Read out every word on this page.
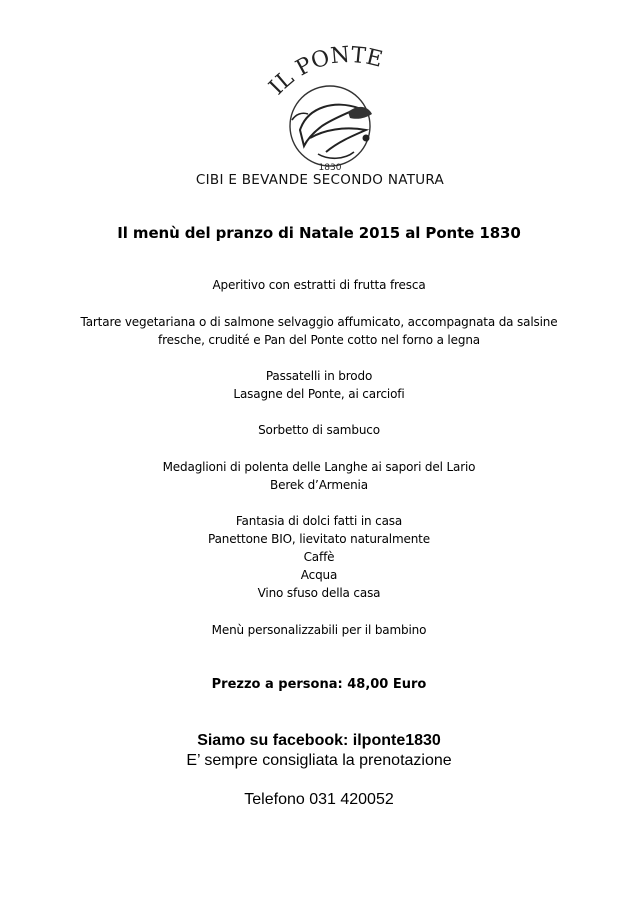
IL PONTE
1830
CIBI E BEVANDE SECONDO NATURA
Il menù del pranzo di Natale 2015 al Ponte 1830
Aperitivo con estratti di frutta fresca
Tartare vegetariana o di salmone selvaggio affumicato, accompagnata da salsine
fresche, crudité e Pan del Ponte cotto nel forno a legna
Passatelli in brodo
Lasagne del Ponte, ai carciofi
Sorbetto di sambuco
Medaglioni di polenta delle Langhe ai sapori del Lario
Berek d’Armenia
Fantasia di dolci fatti in casa
Panettone BIO, lievitato naturalmente
Caffè
Acqua
Vino sfuso della casa
Menù personalizzabili per il bambino
Prezzo a persona: 48,00 Euro
Siamo su facebook: ilponte1830
E’ sempre consigliata la prenotazione
Telefono 031 420052
